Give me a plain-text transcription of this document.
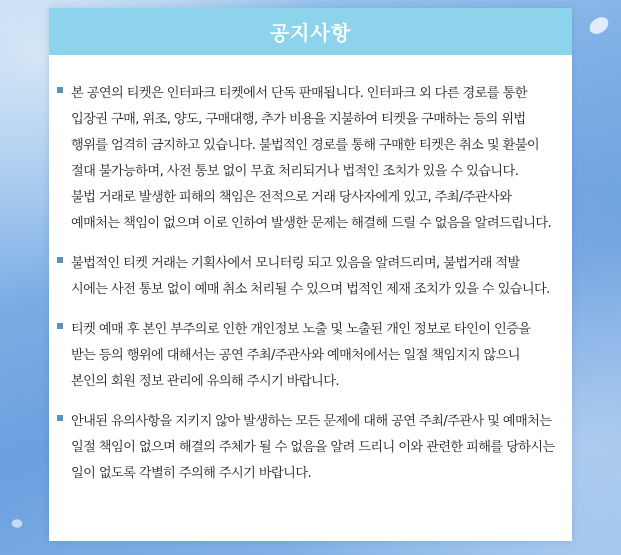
공지사항

본 공연의 티켓은 인터파크 티켓에서 단독 판매됩니다. 인터파크 외 다른 경로를 통한 입장권 구매, 위조, 양도, 구매대행, 추가 비용을 지불하여 티켓을 구매하는 등의 위법 행위를 엄격히 금지하고 있습니다. 불법적인 경로를 통해 구매한 티켓은 취소 및 환불이 절대 불가능하며, 사전 통보 없이 무효 처리되거나 법적인 조치가 있을 수 있습니다.

불법 거래로 발생한 피해의 책임은 전적으로 거래 당사자에게 있고, 주최/주관사와 예매처는 책임이 없으며 이로 인하여 발생한 문제는 해결해 드릴 수 없음을 알려드립니다.

불법적인 티켓 거래는 기획사에서 모니터링 되고 있음을 알려드리며, 불법거래 적발 시에는 사전 통보 없이 예매 취소 처리될 수 있으며 법적인 제재 조치가 있을 수 있습니다.

티켓 예매 후 본인 부주의로 인한 개인정보 노출 및 노출된 개인 정보로 타인이 인증을 받는 등의 행위에 대해서는 공연 주최/주관사와 예매처에서는 일절 책임지지 않으니 본인의 회원 정보 관리에 유의해 주시기 바랍니다.

안내된 유의사항을 지키지 않아 발생하는 모든 문제에 대해 공연 주최/주관사 및 예매처는 일절 책임이 없으며 해결의 주체가 될 수 없음을 알려 드리니 이와 관련한 피해를 당하시는 일이 없도록 각별히 주의해 주시기 바랍니다.
